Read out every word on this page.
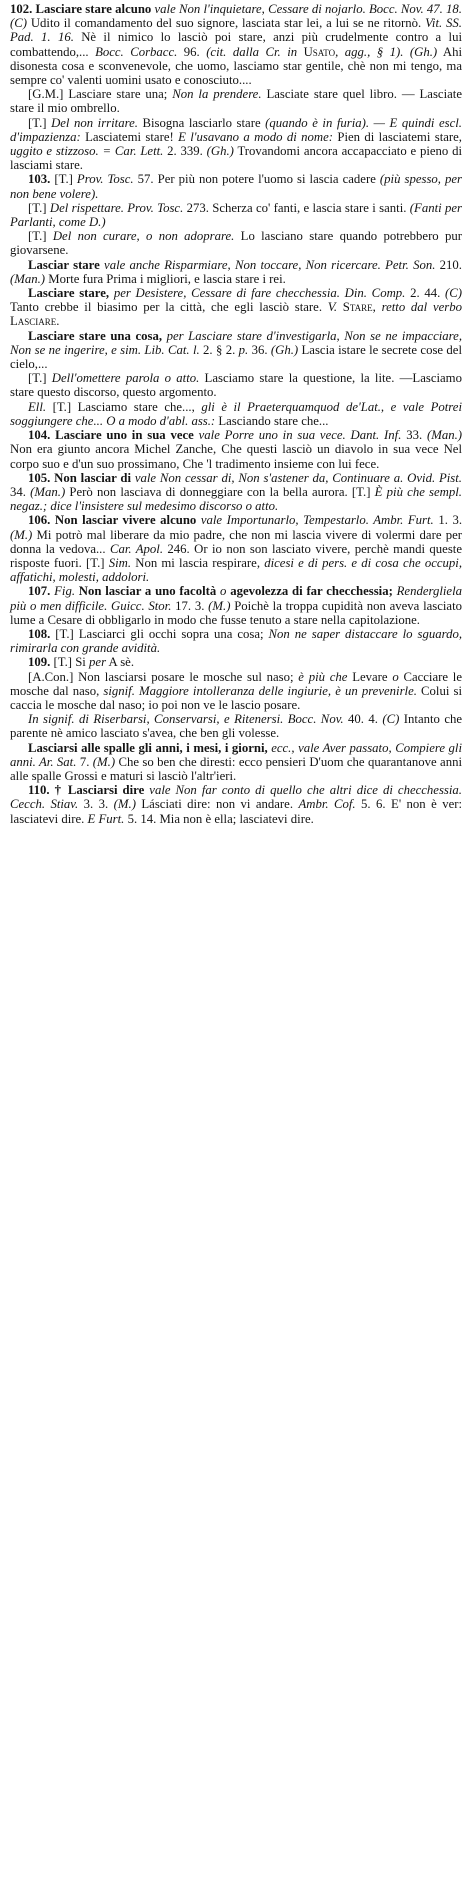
102. Lasciare stare alcuno vale Non l'inquietare, Cessare di nojarlo. Bocc. Nov. 47. 18. (C) Udito il comandamento del suo signore, lasciata star lei, a lui se ne ritornò. Vit. SS. Pad. 1. 16. Nè il nimico lo lasciò poi stare, anzi più crudelmente contro a lui combattendo,... Bocc. Corbacc. 96. (cit. dalla Cr. in Usato, agg., § 1). (Gh.) Ahi disonesta cosa e sconvenevole, che uomo, lasciamo star gentile, chè non mi tengo, ma sempre co' valenti uomini usato e conosciuto....

[G.M.] Lasciare stare una; Non la prendere. Lasciate stare quel libro. — Lasciate stare il mio ombrello.

[T.] Del non irritare. Bisogna lasciarlo stare (quando è in furia). — E quindi escl. d'impazienza: Lasciatemi stare! E l'usavano a modo di nome: Pien di lasciatemi stare, uggito e stizzoso. = Car. Lett. 2. 339. (Gh.) Trovandomi ancora accapacciato e pieno di lasciami stare.

103. [T.] Prov. Tosc. 57. Per più non potere l'uomo si lascia cadere (più spesso, per non bene volere).

[T.] Del rispettare. Prov. Tosc. 273. Scherza co' fanti, e lascia stare i santi. (Fanti per Parlanti, come D.)

[T.] Del non curare, o non adoprare. Lo lasciano stare quando potrebbero pur giovarsene.

Lasciar stare vale anche Risparmiare, Non toccare, Non ricercare. Petr. Son. 210. (Man.) Morte fura Prima i migliori, e lascia stare i rei.

Lasciare stare, per Desistere, Cessare di fare checchessia. Din. Comp. 2. 44. (C) Tanto crebbe il biasimo per la città, che egli lasciò stare. V. Stare, retto dal verbo Lasciare.

Lasciare stare una cosa, per Lasciare stare d'investigarla, Non se ne impacciare, Non se ne ingerire, e sim. Lib. Cat. l. 2. § 2. p. 36. (Gh.) Lascia istare le secrete cose del cielo,...

[T.] Dell'omettere parola o atto. Lasciamo stare la questione, la lite. —Lasciamo stare questo discorso, questo argomento.

Ell. [T.] Lasciamo stare che..., gli è il Praeterquamquod de'Lat., e vale Potrei soggiungere che... O a modo d'abl. ass.: Lasciando stare che...

104. Lasciare uno in sua vece vale Porre uno in sua vece. Dant. Inf. 33. (Man.) Non era giunto ancora Michel Zanche, Che questi lasciò un diavolo in sua vece Nel corpo suo e d'un suo prossimano, Che 'l tradimento insieme con lui fece.

105. Non lasciar di vale Non cessar di, Non s'astener da, Continuare a. Ovid. Pist. 34. (Man.) Però non lasciava di donneggiare con la bella aurora. [T.] È più che sempl. negaz.; dice l'insistere sul medesimo discorso o atto.

106. Non lasciar vivere alcuno vale Importunarlo, Tempestarlo. Ambr. Furt. 1. 3. (M.) Mi potrò mal liberare da mio padre, che non mi lascia vivere di volermi dare per donna la vedova... Car. Apol. 246. Or io non son lasciato vivere, perchè mandi queste risposte fuori. [T.] Sim. Non mi lascia respirare, dicesi e di pers. e di cosa che occupi, affatichi, molesti, addolori.

107. Fig. Non lasciar a uno facoltà o agevolezza di far checchessia; Rendergliela più o men difficile. Guicc. Stor. 17. 3. (M.) Poichè la troppa cupidità non aveva lasciato lume a Cesare di obbligarlo in modo che fusse tenuto a stare nella capitolazione.

108. [T.] Lasciarci gli occhi sopra una cosa; Non ne saper distaccare lo sguardo, rimirarla con grande avidità.

109. [T.] Si per A sè.

[A.Con.] Non lasciarsi posare le mosche sul naso; è più che Levare o Cacciare le mosche dal naso, signif. Maggiore intolleranza delle ingiurie, è un prevenirle. Colui si caccia le mosche dal naso; io poi non ve le lascio posare.

In signif. di Riserbarsi, Conservarsi, e Ritenersi. Bocc. Nov. 40. 4. (C) Intanto che parente nè amico lasciato s'avea, che ben gli volesse.

Lasciarsi alle spalle gli anni, i mesi, i giorni, ecc., vale Aver passato, Compiere gli anni. Ar. Sat. 7. (M.) Che so ben che diresti: ecco pensieri D'uom che quarantanove anni alle spalle Grossi e maturi si lasciò l'altr'ieri.

110. † Lasciarsi dire vale Non far conto di quello che altri dice di checchessia. Cecch. Stiav. 3. 3. (M.) Lásciati dire: non vi andare. Ambr. Cof. 5. 6. E' non è ver: lasciatevi dire. E Furt. 5. 14. Mia non è ella; lasciatevi dire.
